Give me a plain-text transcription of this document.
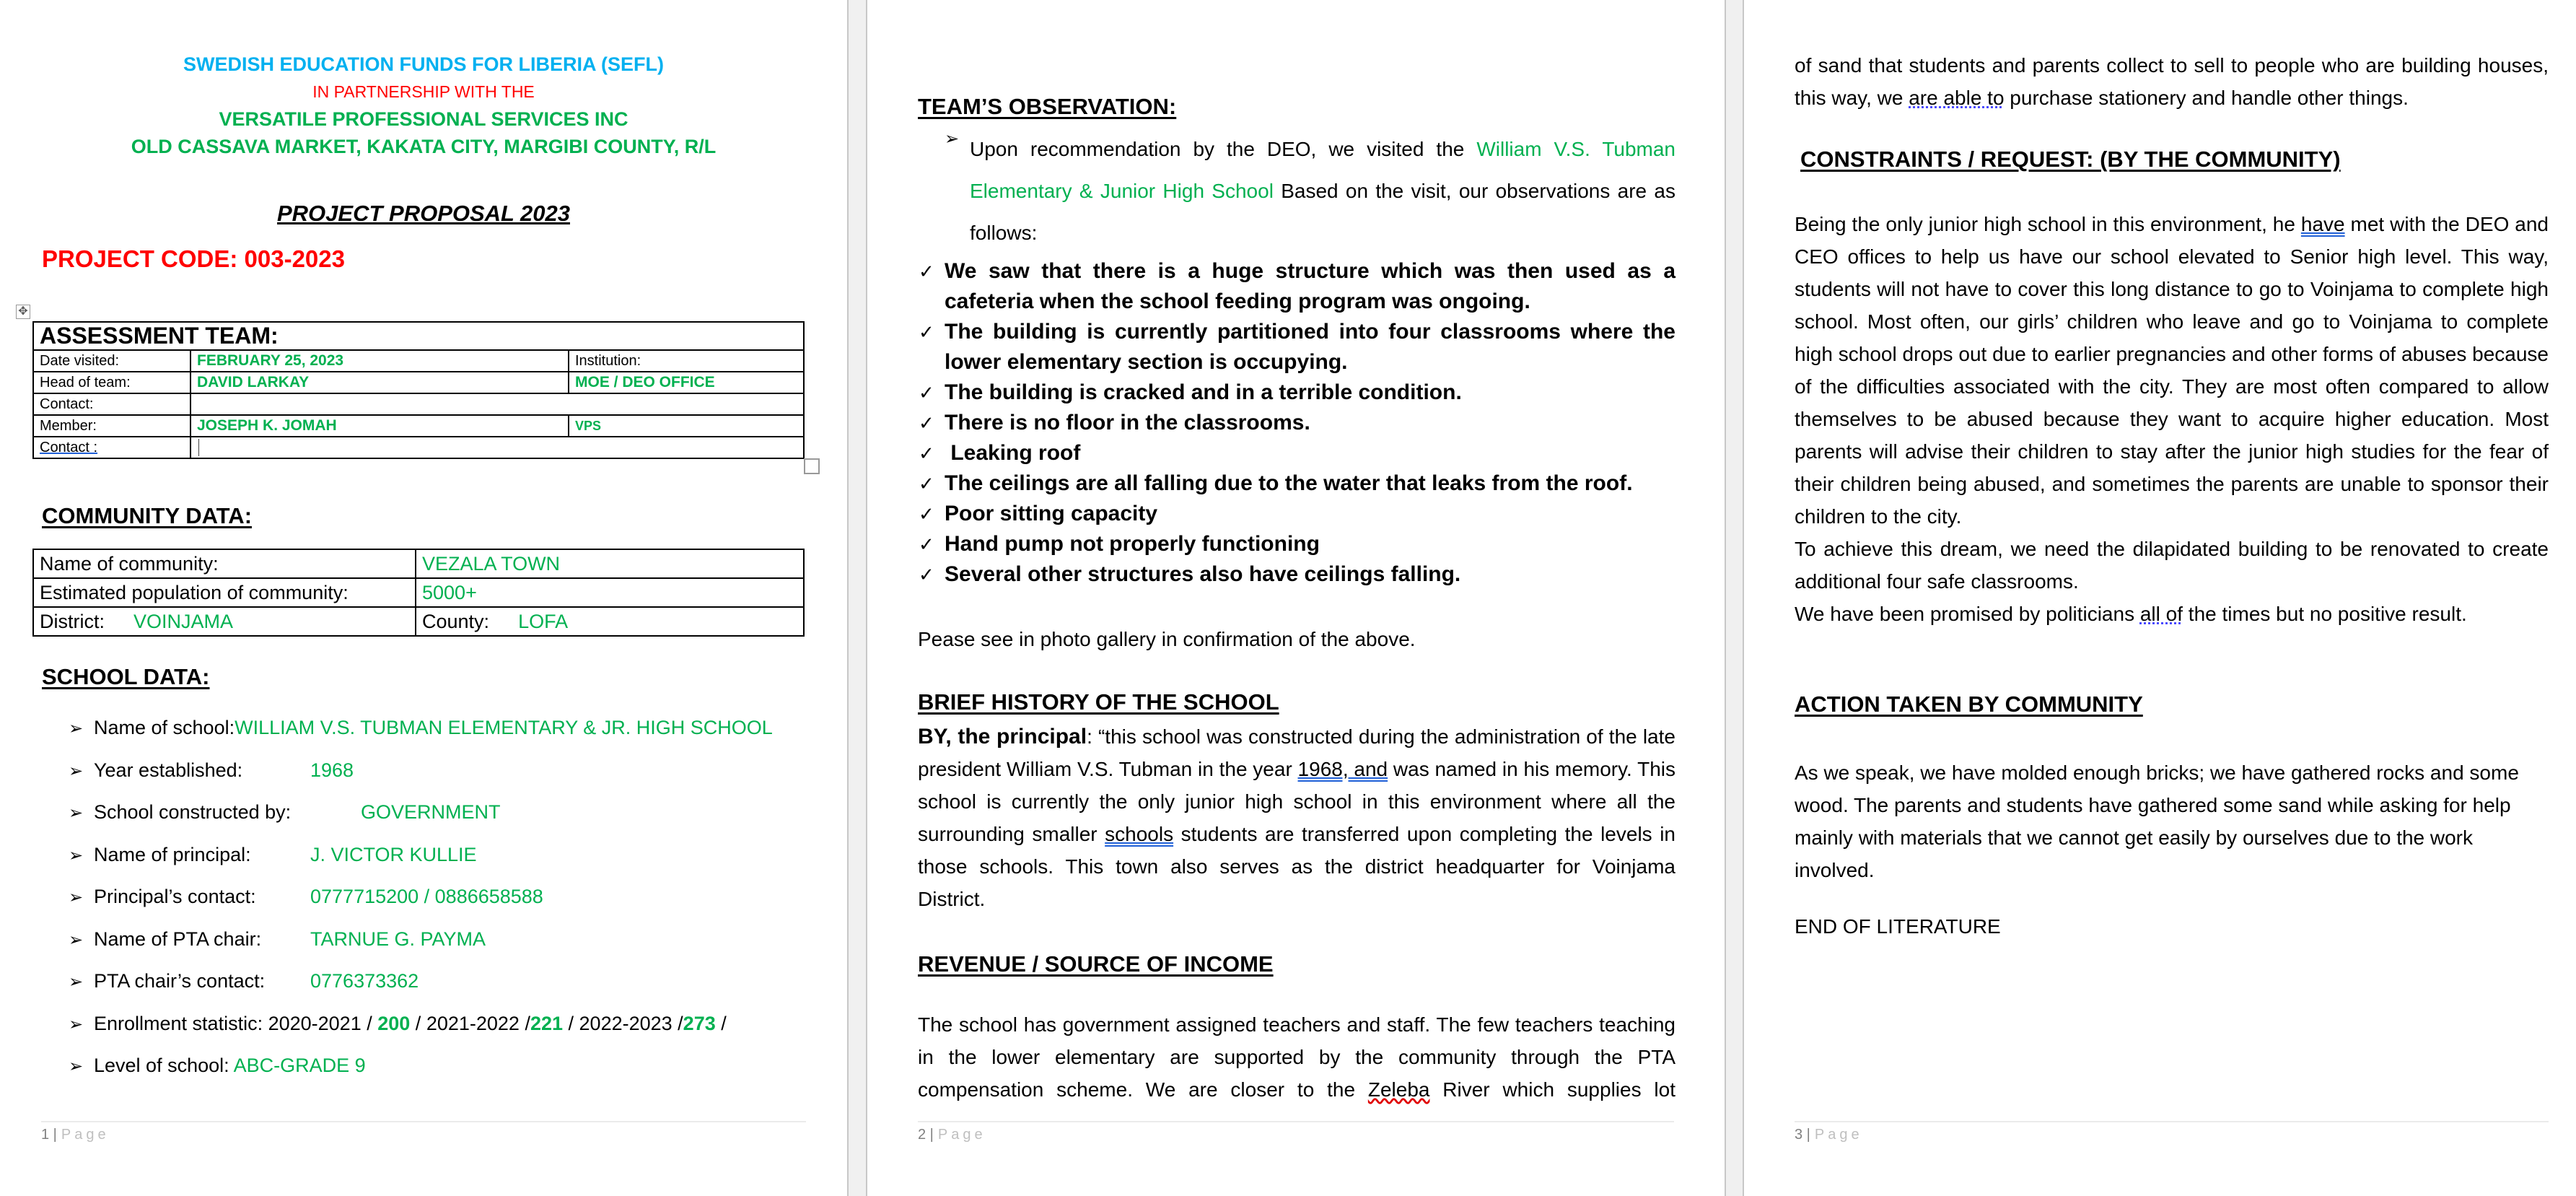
SWEDISH EDUCATION FUNDS FOR LIBERIA (SEFL)
IN PARTNERSHIP WITH THE
VERSATILE PROFESSIONAL SERVICES INC
OLD CASSAVA MARKET, KAKATA CITY, MARGIBI COUNTY, R/L
PROJECT PROPOSAL 2023
PROJECT CODE: 003-2023
✥
ASSESSMENT TEAM:		
Date visited:	FEBRUARY 25, 2023	Institution:
Head of team:	DAVID LARKAY	MOE / DEO OFFICE
Contact:		
Member:	JOSEPH K. JOMAH	VPS
Contact :		
COMMUNITY DATA:
Name of community:	VEZALA TOWN
Estimated population of community:	5000+
District: VOINJAMA	County: LOFA
SCHOOL DATA:
➢ Name of school:WILLIAM V.S. TUBMAN ELEMENTARY & JR. HIGH SCHOOL
➢ Year established:	1968
➢ School constructed by:	GOVERNMENT
➢ Name of principal:	J. VICTOR KULLIE
➢ Principal’s contact:	0777715200 / 0886658588
➢ Name of PTA chair:	TARNUE G. PAYMA
➢ PTA chair’s contact: 0776373362
➢ Enrollment statistic: 2020-2021 / 200 / 2021-2022 /221 / 2022-2023 /273 /
➢ Level of school: ABC-GRADE 9
1 | Page
TEAM’S OBSERVATION:
➢ Upon recommendation by the DEO, we visited the William V.S. Tubman Elementary & Junior High School Based on the visit, our observations are as follows:

✓ We saw that there is a huge structure which was then used as a cafeteria when the school feeding program was ongoing.
✓ The building is currently partitioned into four classrooms where the lower elementary section is occupying.
✓ The building is cracked and in a terrible condition.
✓ There is no floor in the classrooms.
✓ Leaking roof
✓ The ceilings are all falling due to the water that leaks from the roof.
✓ Poor sitting capacity
✓ Hand pump not properly functioning
✓ Several other structures also have ceilings falling.
Pease see in photo gallery in confirmation of the above.
BRIEF HISTORY OF THE SCHOOL
BY, the principal: “this school was constructed during the administration of the late president William V.S. Tubman in the year 1968, and was named in his memory. This school is currently the only junior high school in this environment where all the surrounding smaller schools students are transferred upon completing the levels in those schools. This town also serves as the district headquarter for Voinjama District.
REVENUE / SOURCE OF INCOME
The school has government assigned teachers and staff. The few teachers teaching in the lower elementary are supported by the community through the PTA compensation scheme. We are closer to the Zeleba River which supplies lot
2 | Page
of sand that students and parents collect to sell to people who are building houses, this way, we are able to purchase stationery and handle other things.
CONSTRAINTS / REQUEST: (BY THE COMMUNITY)
Being the only junior high school in this environment, he have met with the DEO and CEO offices to help us have our school elevated to Senior high level. This way, students will not have to cover this long distance to go to Voinjama to complete high school. Most often, our girls’ children who leave and go to Voinjama to complete high school drops out due to earlier pregnancies and other forms of abuses because of the difficulties associated with the city. They are most often compared to allow themselves to be abused because they want to acquire higher education. Most parents will advise their children to stay after the junior high studies for the fear of their children being abused, and sometimes the parents are unable to sponsor their children to the city.
To achieve this dream, we need the dilapidated building to be renovated to create additional four safe classrooms.
We have been promised by politicians all of the times but no positive result.
ACTION TAKEN BY COMMUNITY
As we speak, we have molded enough bricks; we have gathered rocks and some wood. The parents and students have gathered some sand while asking for help mainly with materials that we cannot get easily by ourselves due to the work involved.
END OF LITERATURE
3 | Page
